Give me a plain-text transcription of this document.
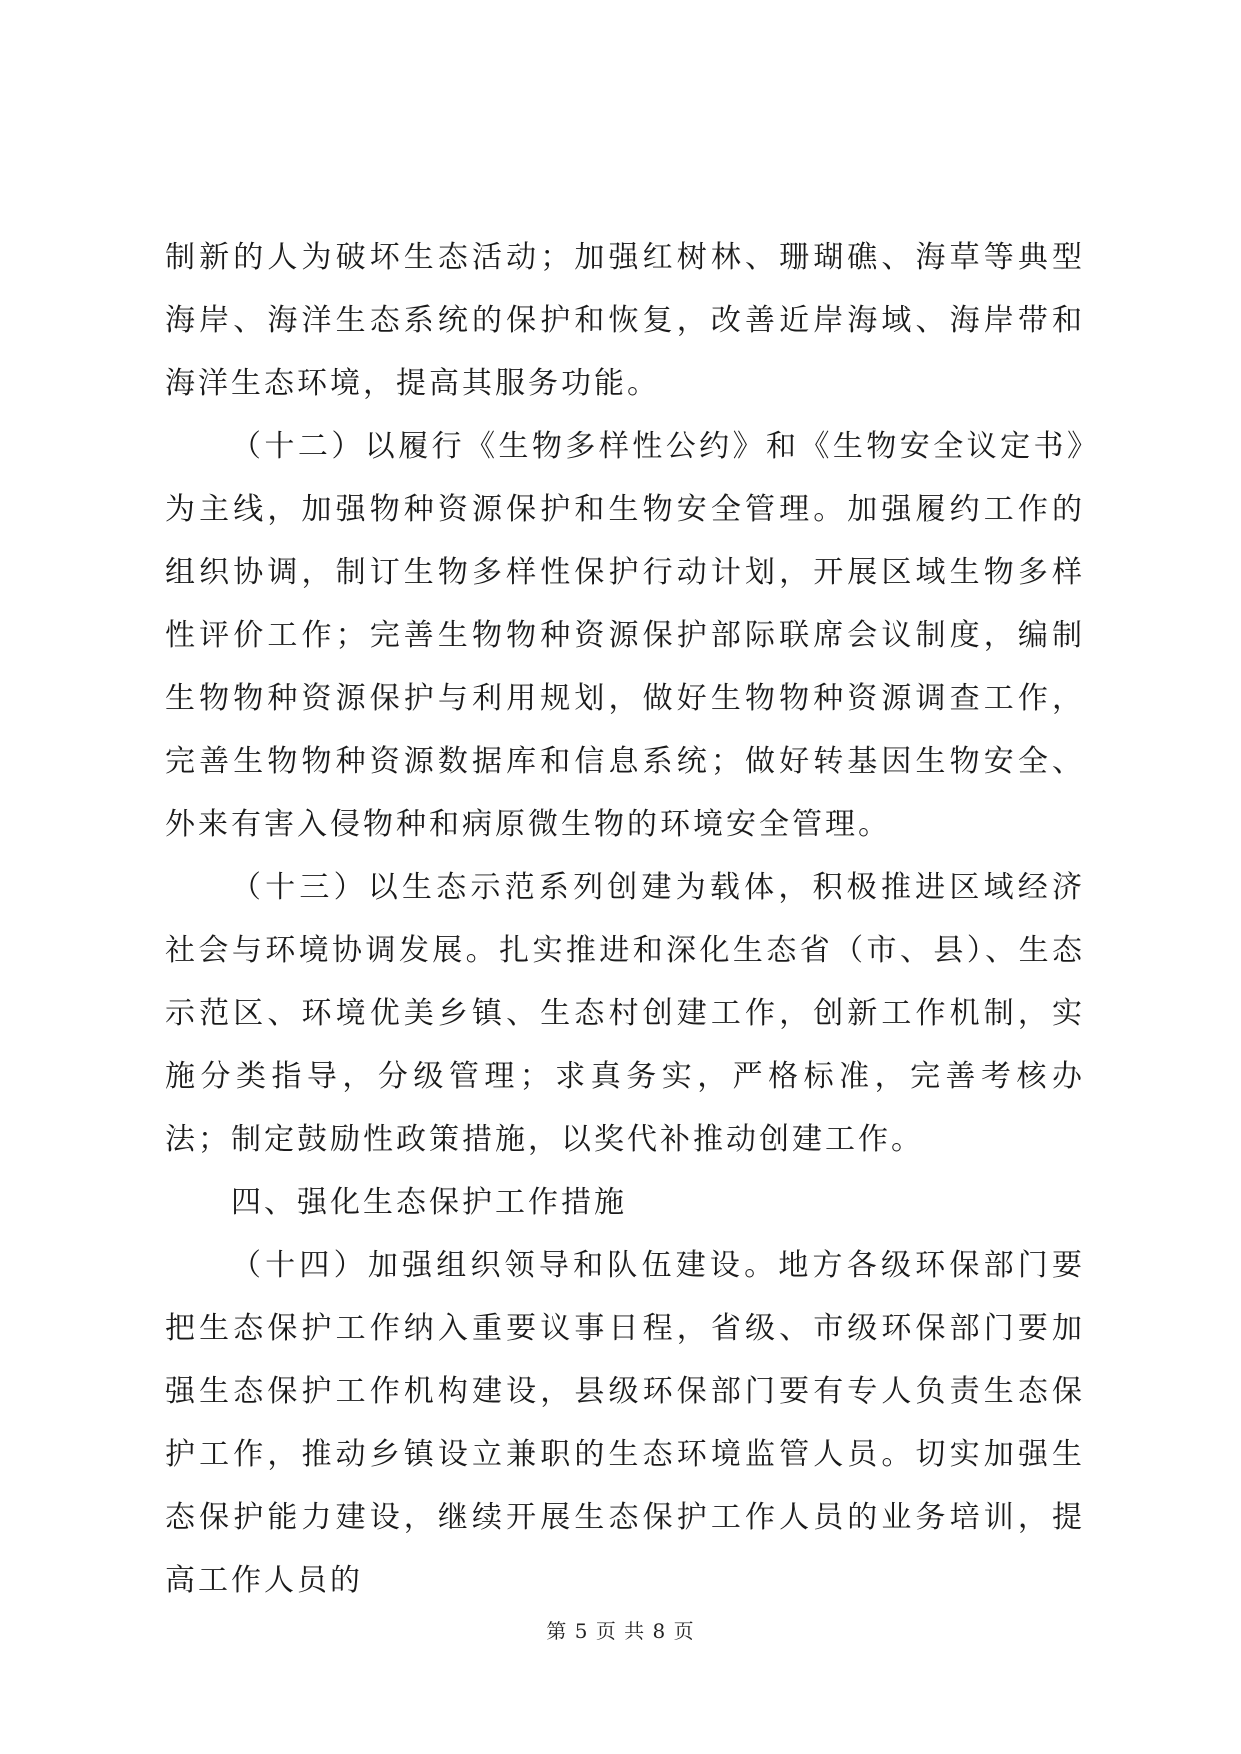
制新的人为破坏生态活动；加强红树林、珊瑚礁、海草等典型海岸、海洋生态系统的保护和恢复，改善近岸海域、海岸带和海洋生态环境，提高其服务功能。

（十二）以履行《生物多样性公约》和《生物安全议定书》为主线，加强物种资源保护和生物安全管理。加强履约工作的组织协调，制订生物多样性保护行动计划，开展区域生物多样性评价工作；完善生物物种资源保护部际联席会议制度，编制生物物种资源保护与利用规划，做好生物物种资源调查工作，完善生物物种资源数据库和信息系统；做好转基因生物安全、外来有害入侵物种和病原微生物的环境安全管理。

（十三）以生态示范系列创建为载体，积极推进区域经济社会与环境协调发展。扎实推进和深化生态省（市、县）、生态示范区、环境优美乡镇、生态村创建工作，创新工作机制，实施分类指导，分级管理；求真务实，严格标准，完善考核办法；制定鼓励性政策措施，以奖代补推动创建工作。

四、强化生态保护工作措施

（十四）加强组织领导和队伍建设。地方各级环保部门要把生态保护工作纳入重要议事日程，省级、市级环保部门要加强生态保护工作机构建设，县级环保部门要有专人负责生态保护工作，推动乡镇设立兼职的生态环境监管人员。切实加强生态保护能力建设，继续开展生态保护工作人员的业务培训，提高工作人员的

第 5 页 共 8 页
